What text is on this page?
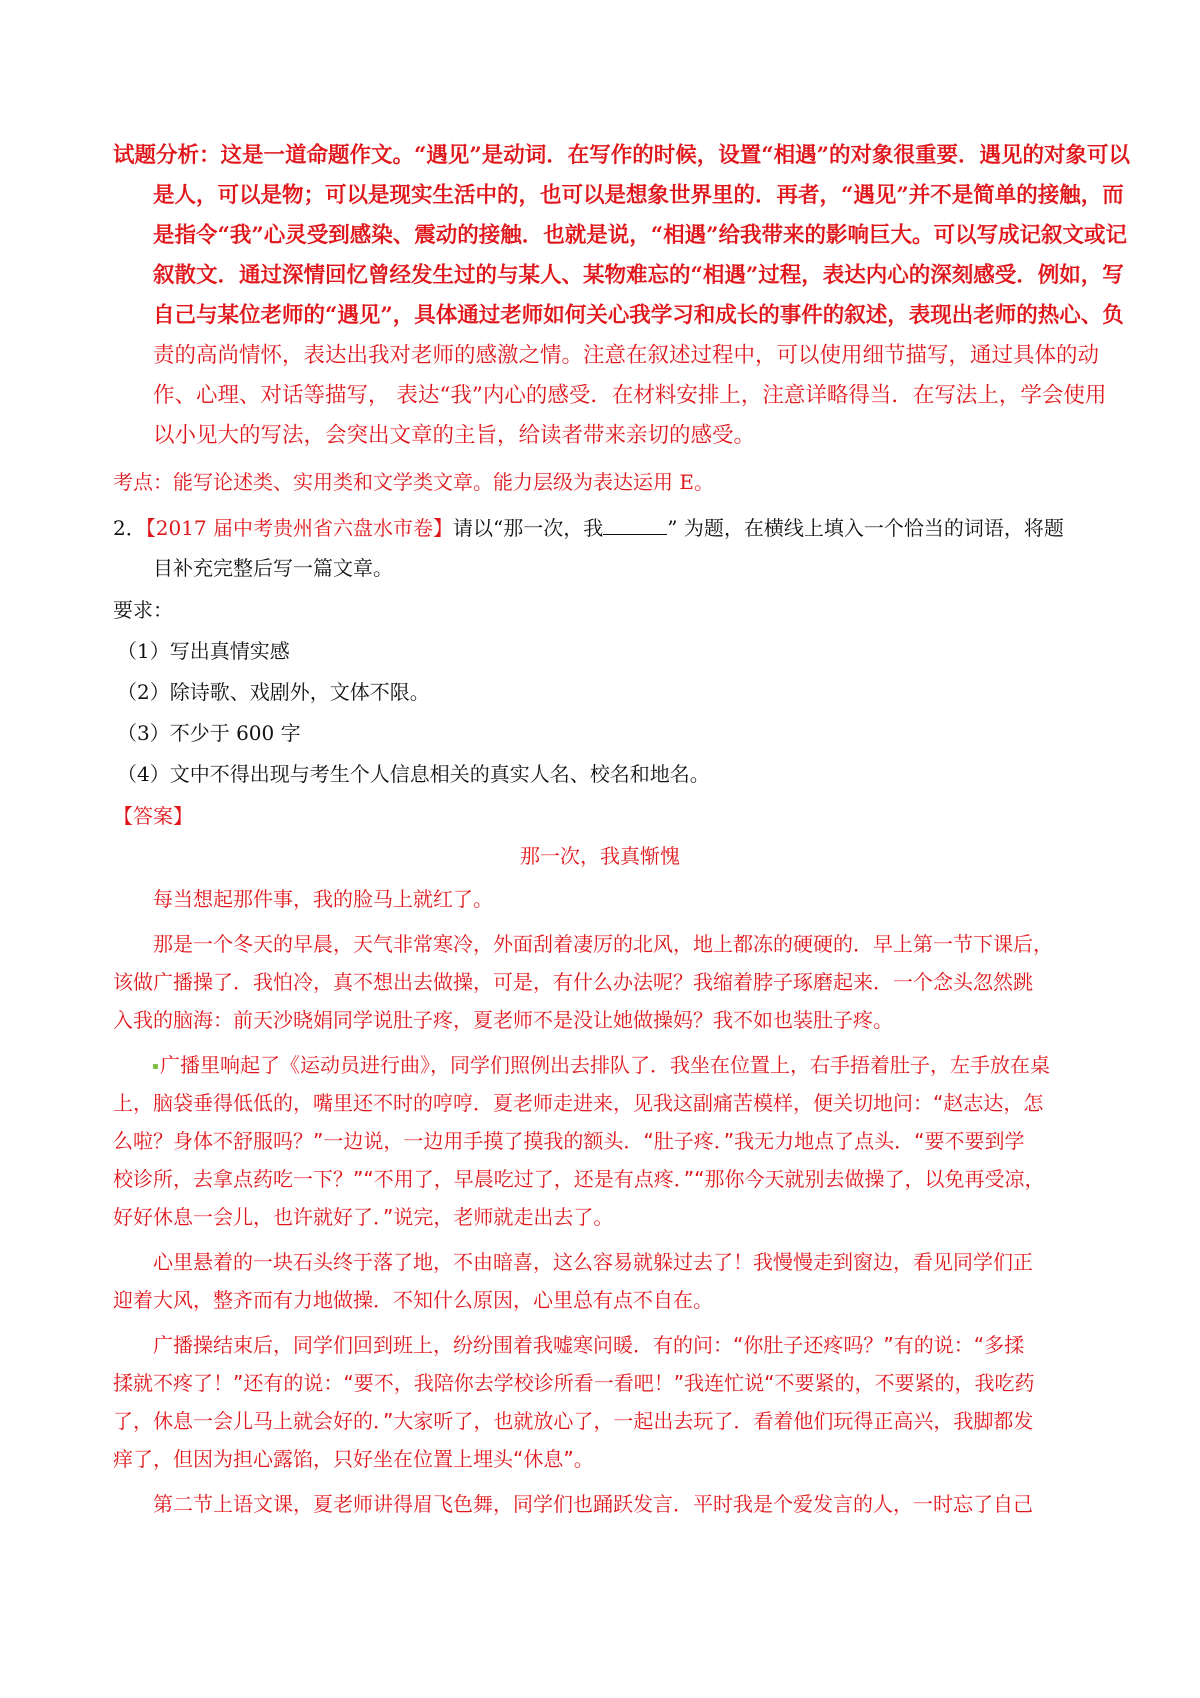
试题分析：这是一道命题作文。“遇见”是动词．在写作的时候，设置“相遇”的对象很重要．遇见的对象可以
是人，可以是物；可以是现实生活中的，也可以是想象世界里的．再者，“遇见”并不是简单的接触，而
是指令“我”心灵受到感染、震动的接触．也就是说，“相遇”给我带来的影响巨大。可以写成记叙文或记
叙散文．通过深情回忆曾经发生过的与某人、某物难忘的“相遇”过程，表达内心的深刻感受．例如，写
自己与某位老师的“遇见”，具体通过老师如何关心我学习和成长的事件的叙述，表现出老师的热心、负
责的高尚情怀，表达出我对老师的感激之情。注意在叙述过程中，可以使用细节描写，通过具体的动
作、心理、对话等描写， 表达“我”内心的感受．在材料安排上，注意详略得当．在写法上，学会使用
以小见大的写法，会突出文章的主旨，给读者带来亲切的感受。
考点：能写论述类、实用类和文学类文章。能力层级为表达运用 E。
2．【2017 届中考贵州省六盘水市卷】请以“那一次，我	” 为题，在横线上填入一个恰当的词语，将题
目补充完整后写一篇文章。
要求：
（1）写出真情实感
（2）除诗歌、戏剧外，文体不限。
（3）不少于 600 字
（4）文中不得出现与考生个人信息相关的真实人名、校名和地名。
【答案】
那一次，我真惭愧
每当想起那件事，我的脸马上就红了。
那是一个冬天的早晨，天气非常寒冷，外面刮着凄厉的北风，地上都冻的硬硬的．早上第一节下课后，
该做广播操了．我怕冷，真不想出去做操，可是，有什么办法呢？我缩着脖子琢磨起来．一个念头忽然跳
入我的脑海：前天沙晓娟同学说肚子疼，夏老师不是没让她做操妈？我不如也装肚子疼。
广播里响起了《运动员进行曲》，同学们照例出去排队了．我坐在位置上，右手捂着肚子，左手放在桌
上，脑袋垂得低低的，嘴里还不时的哼哼．夏老师走进来，见我这副痛苦模样，便关切地问：“赵志达，怎
么啦？身体不舒服吗？”一边说，一边用手摸了摸我的额头．“肚子疼．”我无力地点了点头．“要不要到学
校诊所，去拿点药吃一下？”“不用了，早晨吃过了，还是有点疼．”“那你今天就别去做操了，以免再受凉，
好好休息一会儿，也许就好了．”说完，老师就走出去了。
心里悬着的一块石头终于落了地，不由暗喜，这么容易就躲过去了！我慢慢走到窗边，看见同学们正
迎着大风，整齐而有力地做操．不知什么原因，心里总有点不自在。
广播操结束后，同学们回到班上，纷纷围着我嘘寒问暖．有的问：“你肚子还疼吗？”有的说：“多揉
揉就不疼了！”还有的说：“要不，我陪你去学校诊所看一看吧！”我连忙说“不要紧的，不要紧的，我吃药
了，休息一会儿马上就会好的．”大家听了，也就放心了，一起出去玩了．看着他们玩得正高兴，我脚都发
痒了，但因为担心露馅，只好坐在位置上埋头“休息”。
第二节上语文课，夏老师讲得眉飞色舞，同学们也踊跃发言．平时我是个爱发言的人，一时忘了自己
